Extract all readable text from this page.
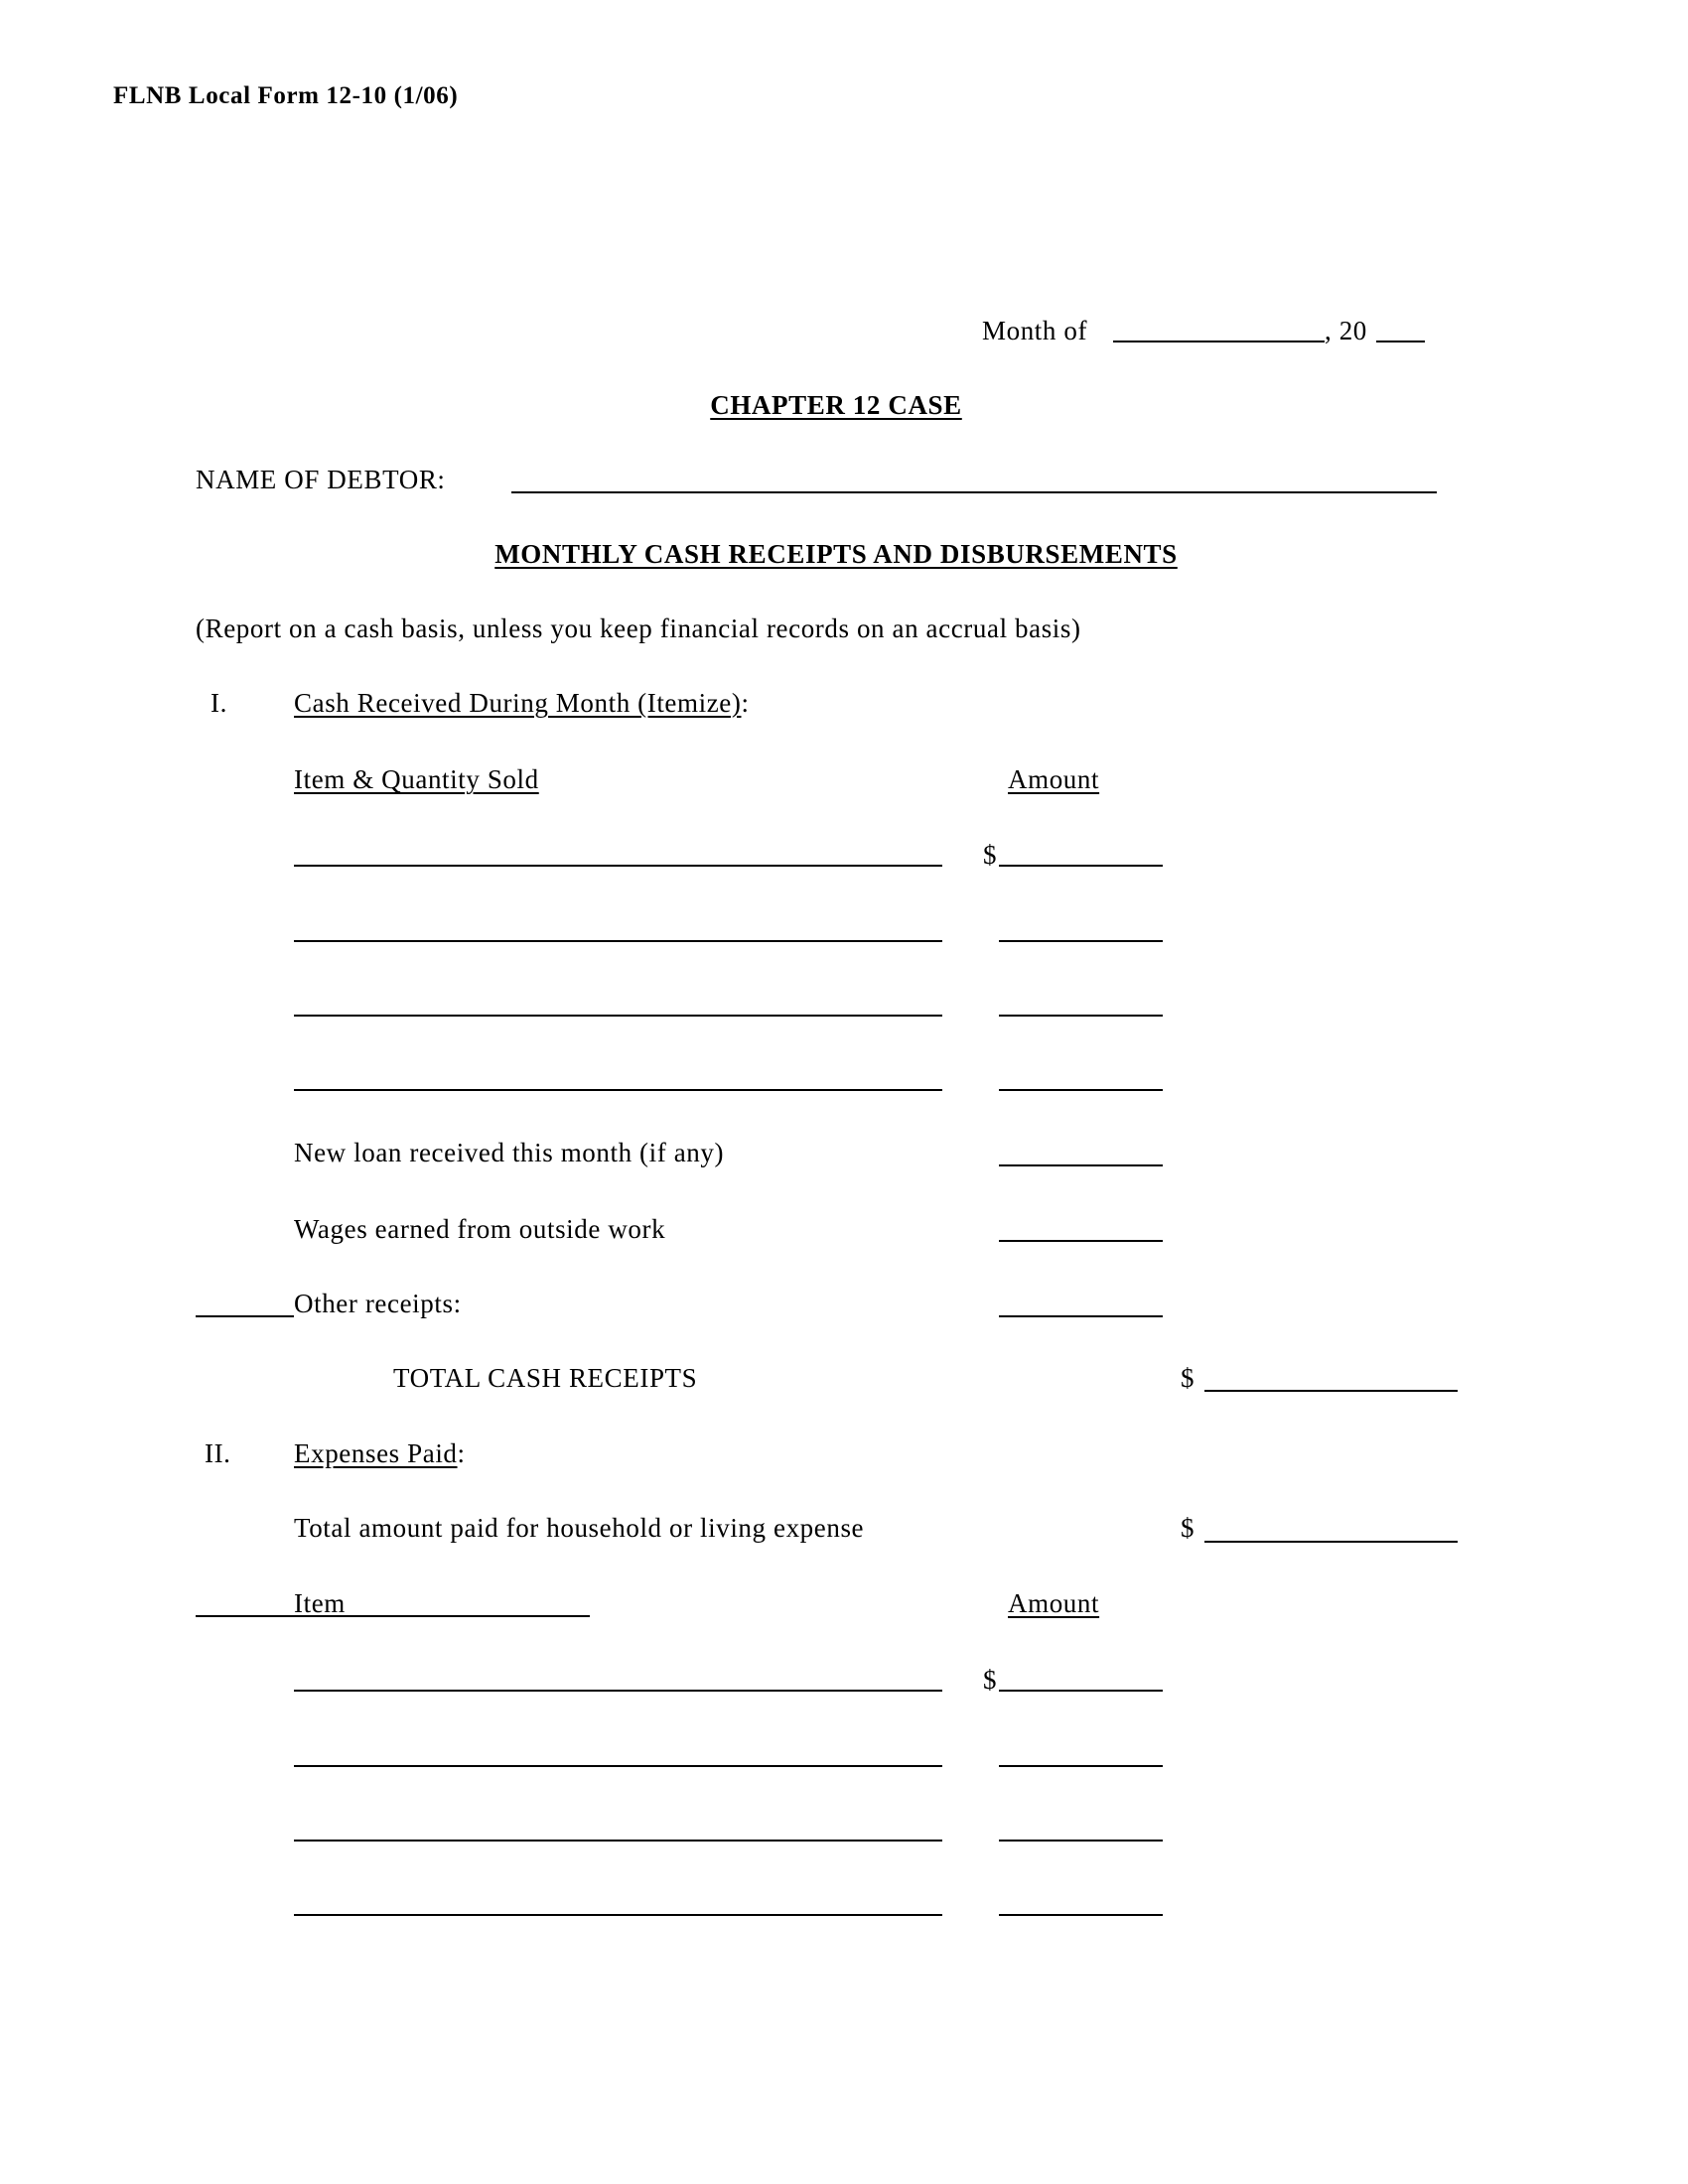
FLNB Local Form 12-10 (1/06)
Month of	, 20
CHAPTER 12 CASE
NAME OF DEBTOR:
MONTHLY CASH RECEIPTS AND DISBURSEMENTS
(Report on a cash basis, unless you keep financial records on an accrual basis)
I. Cash Received During Month (Itemize):
Item & Quantity Sold	Amount
$
New loan received this month (if any)
Wages earned from outside work
Other receipts:
TOTAL CASH RECEIPTS	$
II. Expenses Paid:
Total amount paid for household or living expense	$
Item	Amount
$
